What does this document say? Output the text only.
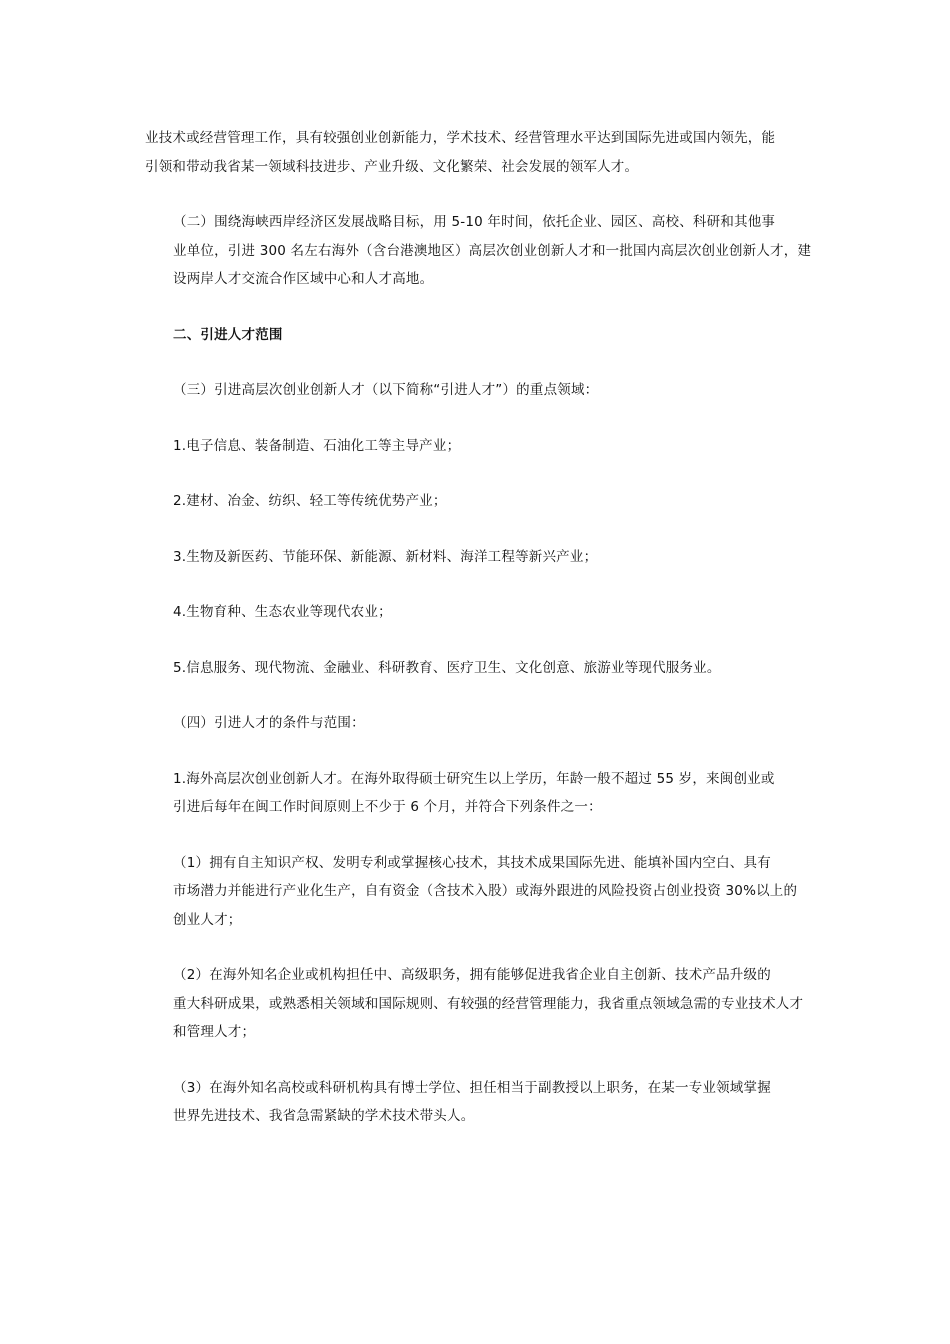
业技术或经营管理工作，具有较强创业创新能力，学术技术、经营管理水平达到国际先进或国内领先，能
引领和带动我省某一领域科技进步、产业升级、文化繁荣、社会发展的领军人才。

（二）围绕海峡西岸经济区发展战略目标，用 5-10 年时间，依托企业、园区、高校、科研和其他事
业单位，引进 300 名左右海外（含台港澳地区）高层次创业创新人才和一批国内高层次创业创新人才，建
设两岸人才交流合作区域中心和人才高地。

二、引进人才范围

（三）引进高层次创业创新人才（以下简称“引进人才”）的重点领域：

1.电子信息、装备制造、石油化工等主导产业；

2.建材、冶金、纺织、轻工等传统优势产业；

3.生物及新医药、节能环保、新能源、新材料、海洋工程等新兴产业；

4.生物育种、生态农业等现代农业；

5.信息服务、现代物流、金融业、科研教育、医疗卫生、文化创意、旅游业等现代服务业。

（四）引进人才的条件与范围：

1.海外高层次创业创新人才。在海外取得硕士研究生以上学历，年龄一般不超过 55 岁，来闽创业或
引进后每年在闽工作时间原则上不少于 6 个月，并符合下列条件之一：

（1）拥有自主知识产权、发明专利或掌握核心技术，其技术成果国际先进、能填补国内空白、具有
市场潜力并能进行产业化生产，自有资金（含技术入股）或海外跟进的风险投资占创业投资 30%以上的
创业人才；

（2）在海外知名企业或机构担任中、高级职务，拥有能够促进我省企业自主创新、技术产品升级的
重大科研成果，或熟悉相关领域和国际规则、有较强的经营管理能力，我省重点领域急需的专业技术人才
和管理人才；

（3）在海外知名高校或科研机构具有博士学位、担任相当于副教授以上职务，在某一专业领域掌握
世界先进技术、我省急需紧缺的学术技术带头人。
